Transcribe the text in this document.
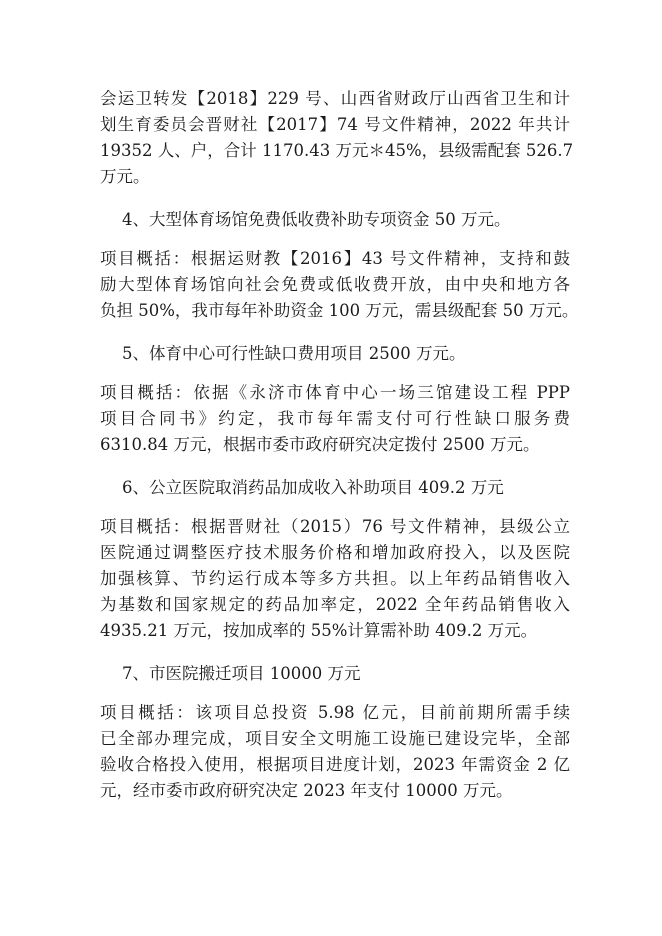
会运卫转发【2018】229 号、山西省财政厅山西省卫生和计
划生育委员会晋财社【2017】74 号文件精神，2022 年共计
19352 人、户，合计 1170.43 万元＊45%，县级需配套 526.7
万元。
4、大型体育场馆免费低收费补助专项资金 50 万元。
项目概括：根据运财教【2016】43 号文件精神，支持和鼓
励大型体育场馆向社会免费或低收费开放，由中央和地方各
负担 50%，我市每年补助资金 100 万元，需县级配套 50 万元。
5、体育中心可行性缺口费用项目 2500 万元。
项目概括：依据《永济市体育中心一场三馆建设工程 PPP
项目合同书》约定，我市每年需支付可行性缺口服务费
6310.84 万元，根据市委市政府研究决定拨付 2500 万元。
6、公立医院取消药品加成收入补助项目 409.2 万元
项目概括：根据晋财社（2015）76 号文件精神，县级公立
医院通过调整医疗技术服务价格和增加政府投入，以及医院
加强核算、节约运行成本等多方共担。以上年药品销售收入
为基数和国家规定的药品加率定，2022 全年药品销售收入
4935.21 万元，按加成率的 55%计算需补助 409.2 万元。
7、市医院搬迁项目 10000 万元
项目概括：该项目总投资 5.98 亿元，目前前期所需手续
已全部办理完成，项目安全文明施工设施已建设完毕，全部
验收合格投入使用，根据项目进度计划，2023 年需资金 2 亿
元，经市委市政府研究决定 2023 年支付 10000 万元。
